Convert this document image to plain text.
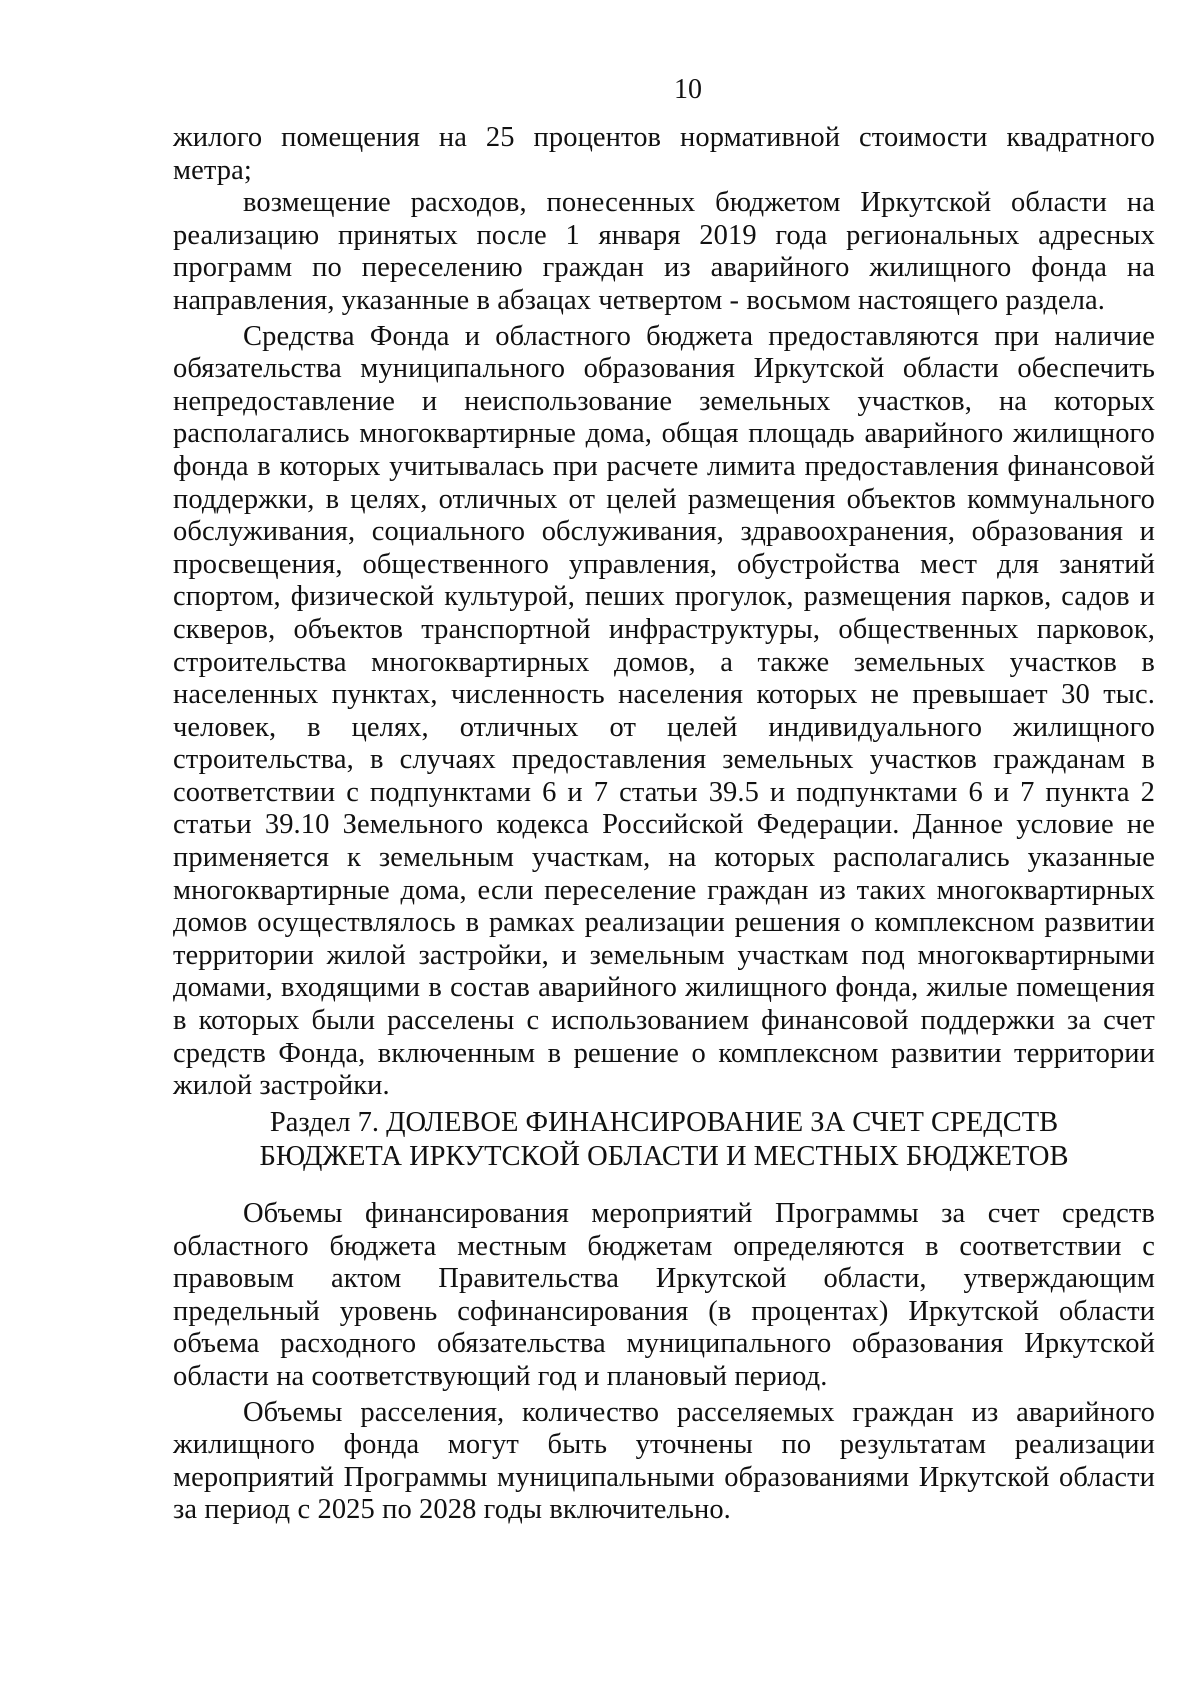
10

жилого помещения на 25 процентов нормативной стоимости квадратного метра;

возмещение расходов, понесенных бюджетом Иркутской области на реализацию принятых после 1 января 2019 года региональных адресных программ по переселению граждан из аварийного жилищного фонда на направления, указанные в абзацах четвертом - восьмом настоящего раздела.

Средства Фонда и областного бюджета предоставляются при наличие обязательства муниципального образования Иркутской области обеспечить непредоставление и неиспользование земельных участков, на которых располагались многоквартирные дома, общая площадь аварийного жилищного фонда в которых учитывалась при расчете лимита предоставления финансовой поддержки, в целях, отличных от целей размещения объектов коммунального обслуживания, социального обслуживания, здравоохранения, образования и просвещения, общественного управления, обустройства мест для занятий спортом, физической культурой, пеших прогулок, размещения парков, садов и скверов, объектов транспортной инфраструктуры, общественных парковок, строительства многоквартирных домов, а также земельных участков в населенных пунктах, численность населения которых не превышает 30 тыс. человек, в целях, отличных от целей индивидуального жилищного строительства, в случаях предоставления земельных участков гражданам в соответствии с подпунктами 6 и 7 статьи 39.5 и подпунктами 6 и 7 пункта 2 статьи 39.10 Земельного кодекса Российской Федерации. Данное условие не применяется к земельным участкам, на которых располагались указанные многоквартирные дома, если переселение граждан из таких многоквартирных домов осуществлялось в рамках реализации решения о комплексном развитии территории жилой застройки, и земельным участкам под многоквартирными домами, входящими в состав аварийного жилищного фонда, жилые помещения в которых были расселены с использованием финансовой поддержки за счет средств Фонда, включенным в решение о комплексном развитии территории жилой застройки.

Раздел 7. ДОЛЕВОЕ ФИНАНСИРОВАНИЕ ЗА СЧЕТ СРЕДСТВ
БЮДЖЕТА ИРКУТСКОЙ ОБЛАСТИ И МЕСТНЫХ БЮДЖЕТОВ

Объемы финансирования мероприятий Программы за счет средств областного бюджета местным бюджетам определяются в соответствии с правовым актом Правительства Иркутской области, утверждающим предельный уровень софинансирования (в процентах) Иркутской области объема расходного обязательства муниципального образования Иркутской области на соответствующий год и плановый период.

Объемы расселения, количество расселяемых граждан из аварийного жилищного фонда могут быть уточнены по результатам реализации мероприятий Программы муниципальными образованиями Иркутской области за период с 2025 по 2028 годы включительно.
